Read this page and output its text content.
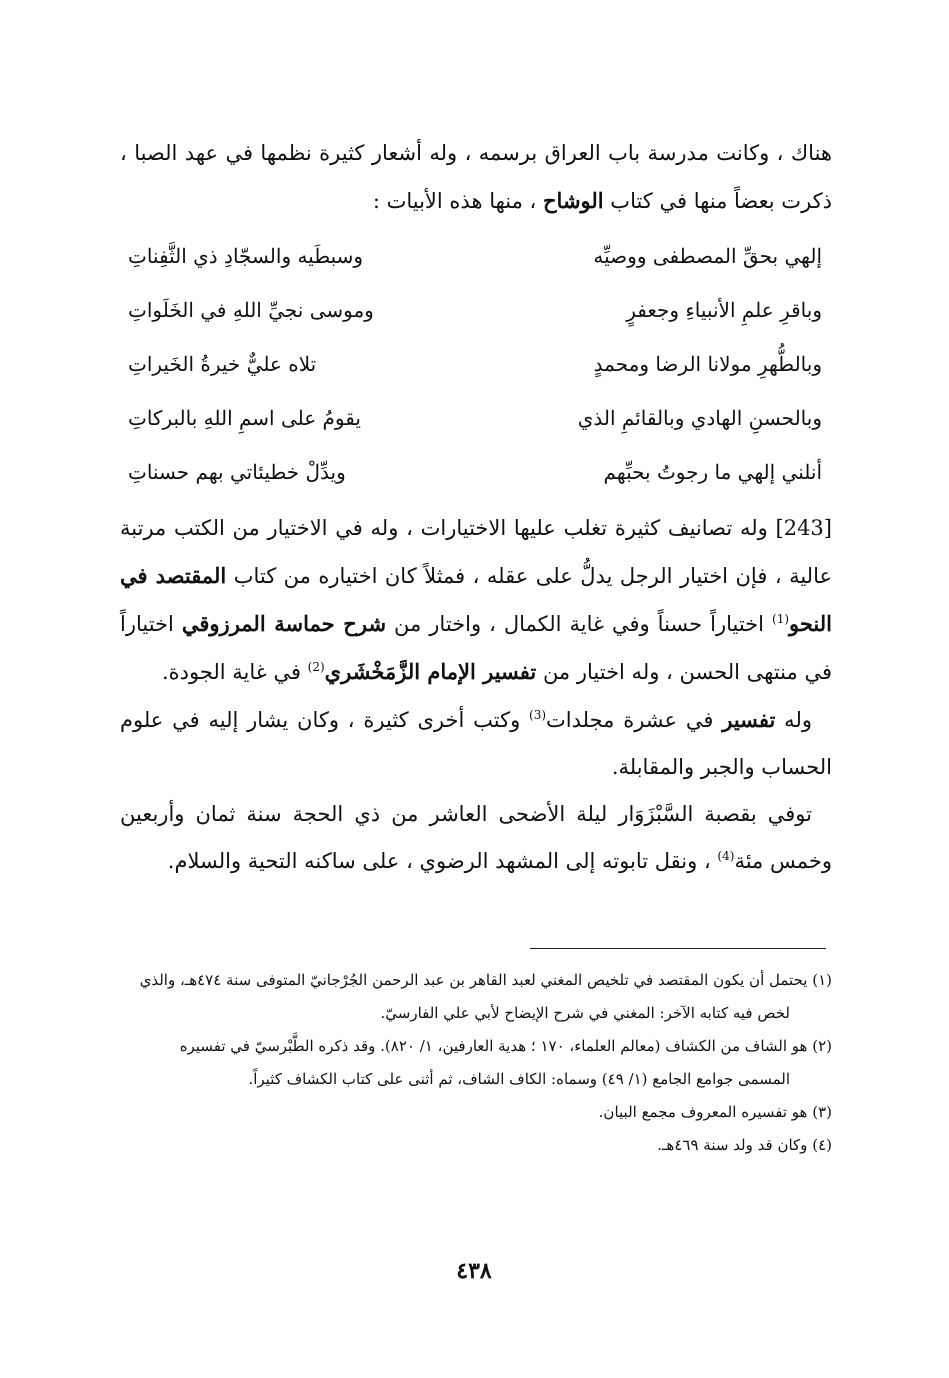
هناك ، وكانت مدرسة باب العراق برسمه ، وله أشعار كثيرة نظمها في عهد الصبا ، ذكرت بعضاً منها في كتاب الوشاح ، منها هذه الأبيات :

إلهي بحقِّ المصطفى ووصيِّه
وسبطَيه والسجّادِ ذي الثَّفِناتِ
وباقرِ علمِ الأنبياءِ وجعفرٍ
وموسى نجيِّ اللهِ في الخَلَواتِ
وبالطُّهرِ مولانا الرضا ومحمدٍ
تلاه عليٌّ خيرةُ الخَيراتِ
وبالحسنِ الهادي وبالقائمِ الذي
يقومُ على اسمِ اللهِ بالبركاتِ
أنلني إلهي ما رجوتُ بحبِّهم
ويدِّلْ خطيئاتي بهم حسناتِ

[243] وله تصانيف كثيرة تغلب عليها الاختيارات ، وله في الاختيار من الكتب مرتبة عالية ، فإن اختيار الرجل يدلُّ على عقله ، فمثلاً كان اختياره من كتاب المقتصد في النحو$^{(1)}$ اختياراً حسناً وفي غاية الكمال ، واختار من شرح حماسة المرزوقي اختياراً في منتهى الحسن ، وله اختيار من تفسير الإمام الزَّمَخْشَري$^{(2)}$ في غاية الجودة.

وله تفسير في عشرة مجلدات$^{(3)}$ وكتب أخرى كثيرة ، وكان يشار إليه في علوم الحساب والجبر والمقابلة.

توفي بقصبة السَّبْزَوَار ليلة الأضحى العاشر من ذي الحجة سنة ثمان وأربعين وخمس مئة$^{(4)}$ ، ونقل تابوته إلى المشهد الرضوي ، على ساكنه التحية والسلام.

(١) يحتمل أن يكون المقتصد في تلخيص المغني لعبد القاهر بن عبد الرحمن الجُرْجانيّ المتوفى سنة ٤٧٤هـ، والذي
لخص فيه كتابه الآخر: المغني في شرح الإيضاح لأبي علي الفارسيّ.

(٢) هو الشاف من الكشاف (معالم العلماء، ١٧٠ ؛ هدية العارفين، ١/ ٨٢٠). وقد ذكره الطَّبْرسيّ في تفسيره
المسمى جوامع الجامع (١/ ٤٩) وسماه: الكاف الشاف، ثم أثنى على كتاب الكشاف كثيراً.

(٣) هو تفسيره المعروف مجمع البيان.

(٤) وكان قد ولد سنة ٤٦٩هـ.

٤٣٨
